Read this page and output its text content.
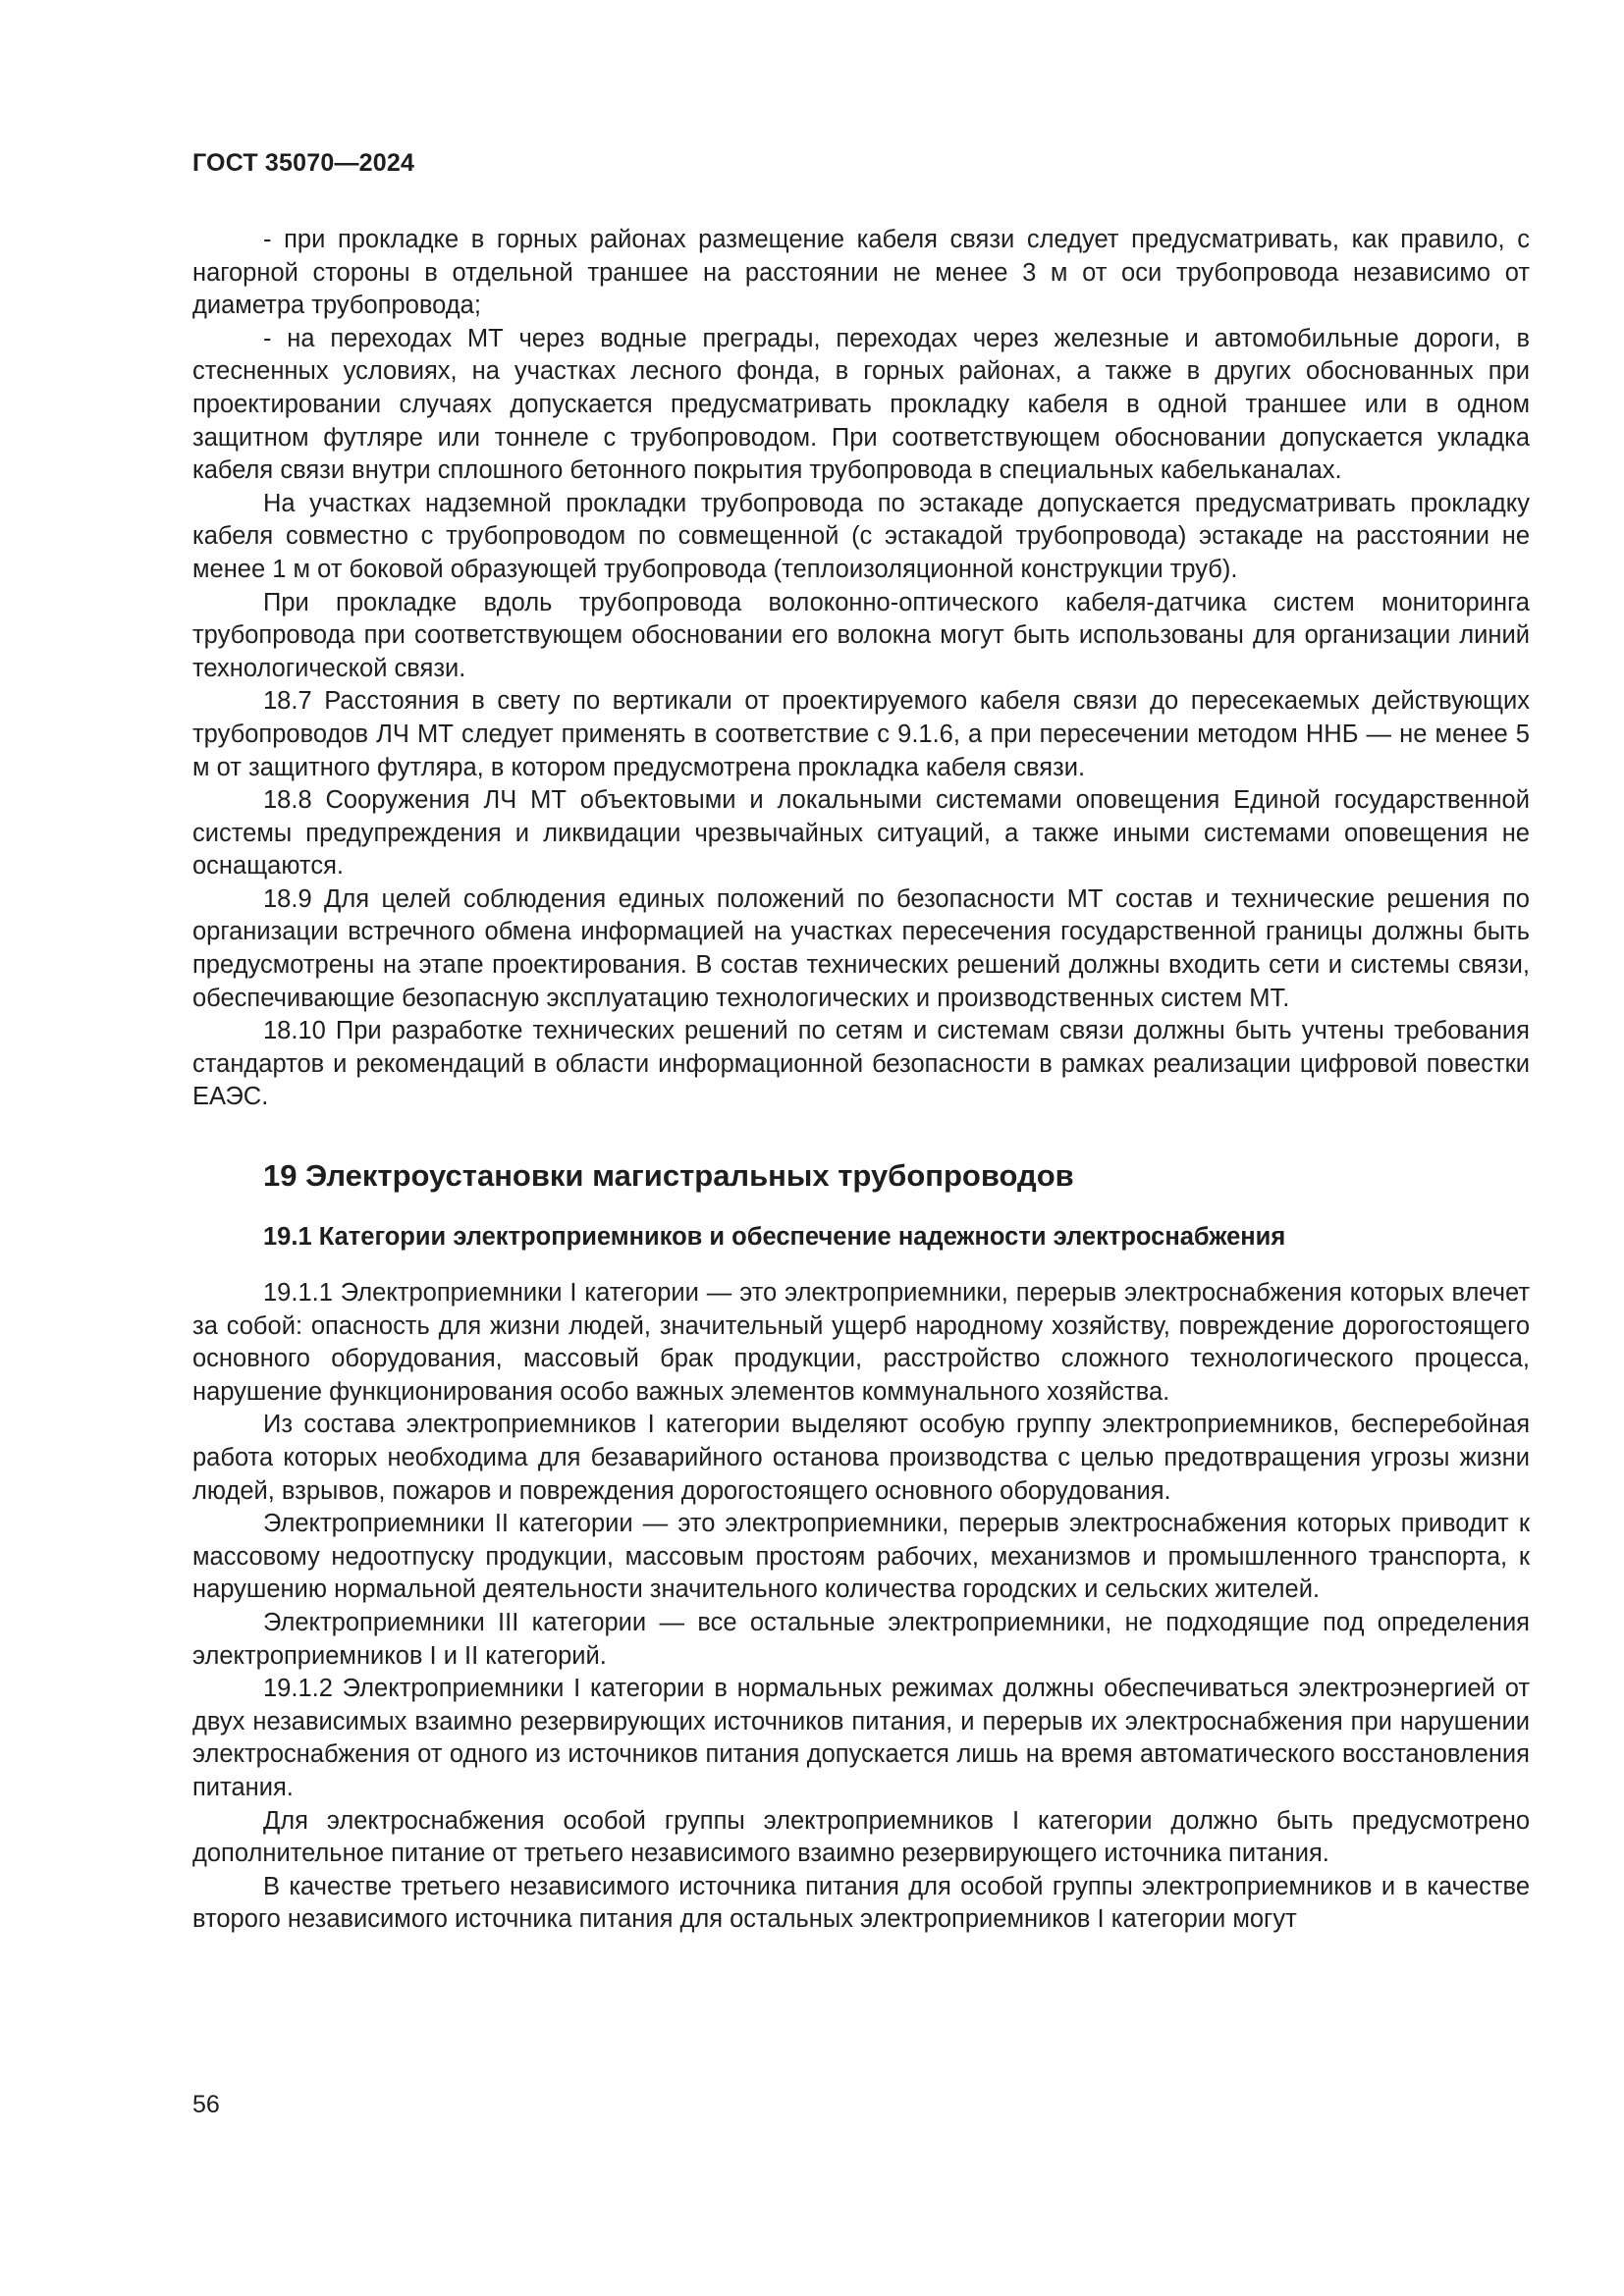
ГОСТ 35070—2024

- при прокладке в горных районах размещение кабеля связи следует предусматривать, как правило, с нагорной стороны в отдельной траншее на расстоянии не менее 3 м от оси трубопровода независимо от диаметра трубопровода;

- на переходах МТ через водные преграды, переходах через железные и автомобильные дороги, в стесненных условиях, на участках лесного фонда, в горных районах, а также в других обоснованных при проектировании случаях допускается предусматривать прокладку кабеля в одной траншее или в одном защитном футляре или тоннеле с трубопроводом. При соответствующем обосновании допускается укладка кабеля связи внутри сплошного бетонного покрытия трубопровода в специальных кабельканалах.

На участках надземной прокладки трубопровода по эстакаде допускается предусматривать прокладку кабеля совместно с трубопроводом по совмещенной (с эстакадой трубопровода) эстакаде на расстоянии не менее 1 м от боковой образующей трубопровода (теплоизоляционной конструкции труб).

При прокладке вдоль трубопровода волоконно-оптического кабеля-датчика систем мониторинга трубопровода при соответствующем обосновании его волокна могут быть использованы для организации линий технологической связи.

18.7 Расстояния в свету по вертикали от проектируемого кабеля связи до пересекаемых действующих трубопроводов ЛЧ МТ следует применять в соответствие с 9.1.6, а при пересечении методом ННБ — не менее 5 м от защитного футляра, в котором предусмотрена прокладка кабеля связи.

18.8 Сооружения ЛЧ МТ объектовыми и локальными системами оповещения Единой государственной системы предупреждения и ликвидации чрезвычайных ситуаций, а также иными системами оповещения не оснащаются.

18.9 Для целей соблюдения единых положений по безопасности МТ состав и технические решения по организации встречного обмена информацией на участках пересечения государственной границы должны быть предусмотрены на этапе проектирования. В состав технических решений должны входить сети и системы связи, обеспечивающие безопасную эксплуатацию технологических и производственных систем МТ.

18.10 При разработке технических решений по сетям и системам связи должны быть учтены требования стандартов и рекомендаций в области информационной безопасности в рамках реализации цифровой повестки ЕАЭС.

19 Электроустановки магистральных трубопроводов
19.1 Категории электроприемников и обеспечение надежности электроснабжения

19.1.1 Электроприемники I категории — это электроприемники, перерыв электроснабжения которых влечет за собой: опасность для жизни людей, значительный ущерб народному хозяйству, повреждение дорогостоящего основного оборудования, массовый брак продукции, расстройство сложного технологического процесса, нарушение функционирования особо важных элементов коммунального хозяйства.

Из состава электроприемников I категории выделяют особую группу электроприемников, бесперебойная работа которых необходима для безаварийного останова производства с целью предотвращения угрозы жизни людей, взрывов, пожаров и повреждения дорогостоящего основного оборудования.

Электроприемники II категории — это электроприемники, перерыв электроснабжения которых приводит к массовому недоотпуску продукции, массовым простоям рабочих, механизмов и промышленного транспорта, к нарушению нормальной деятельности значительного количества городских и сельских жителей.

Электроприемники III категории — все остальные электроприемники, не подходящие под определения электроприемников I и II категорий.

19.1.2 Электроприемники I категории в нормальных режимах должны обеспечиваться электроэнергией от двух независимых взаимно резервирующих источников питания, и перерыв их электроснабжения при нарушении электроснабжения от одного из источников питания допускается лишь на время автоматического восстановления питания.

Для электроснабжения особой группы электроприемников I категории должно быть предусмотрено дополнительное питание от третьего независимого взаимно резервирующего источника питания.

В качестве третьего независимого источника питания для особой группы электроприемников и в качестве второго независимого источника питания для остальных электроприемников I категории могут

56
